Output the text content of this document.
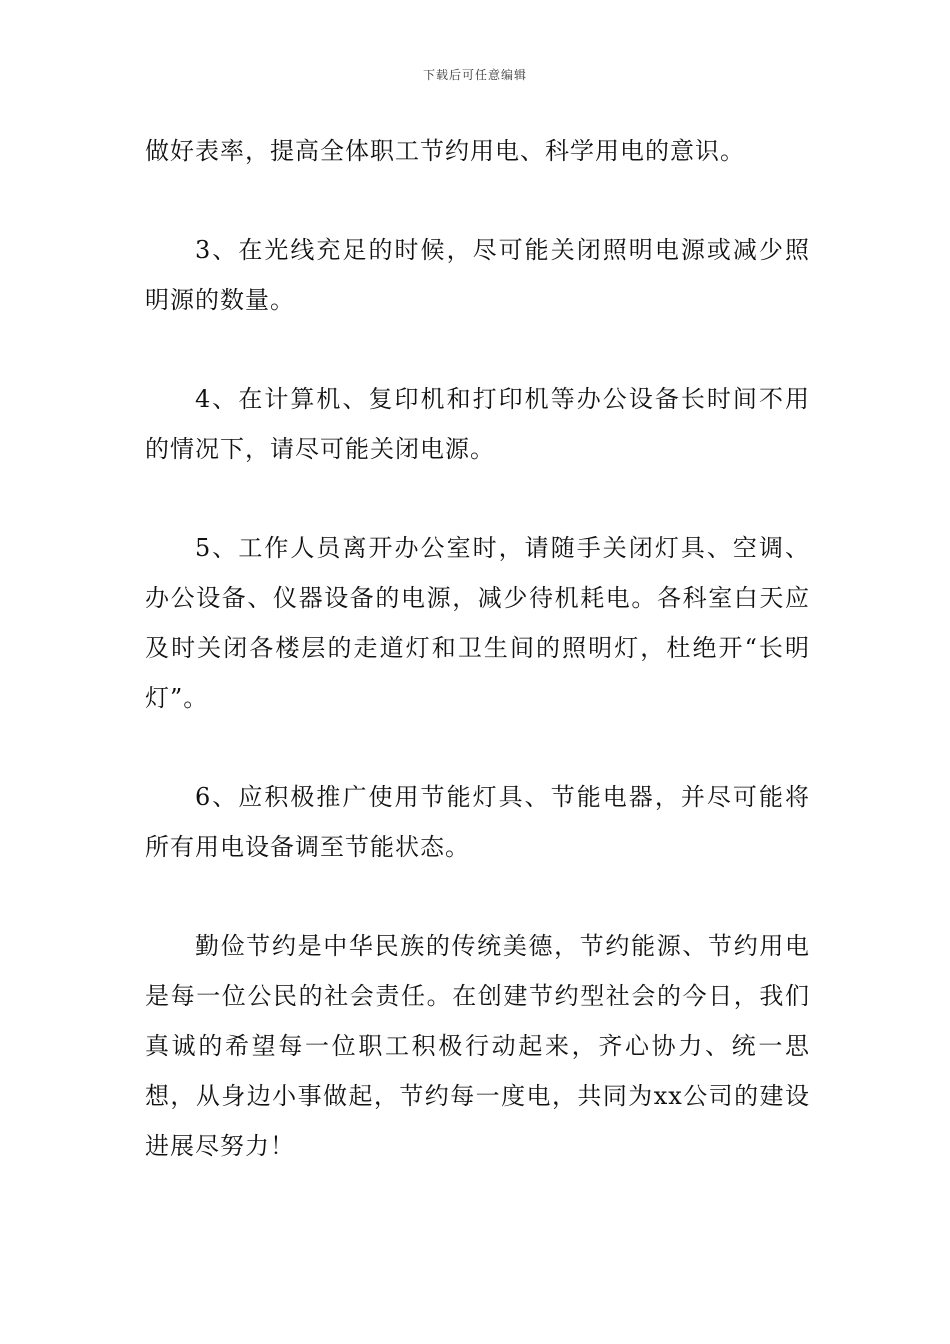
下载后可任意编辑

做好表率，提高全体职工节约用电、科学用电的意识。

3、在光线充足的时候，尽可能关闭照明电源或减少照明源的数量。

4、在计算机、复印机和打印机等办公设备长时间不用的情况下，请尽可能关闭电源。

5、工作人员离开办公室时，请随手关闭灯具、空调、办公设备、仪器设备的电源，减少待机耗电。各科室白天应及时关闭各楼层的走道灯和卫生间的照明灯，杜绝开“长明灯”。

6、应积极推广使用节能灯具、节能电器，并尽可能将所有用电设备调至节能状态。

勤俭节约是中华民族的传统美德，节约能源、节约用电是每一位公民的社会责任。在创建节约型社会的今日，我们真诚的希望每一位职工积极行动起来，齐心协力、统一思想，从身边小事做起，节约每一度电，共同为xx公司的建设进展尽努力！
